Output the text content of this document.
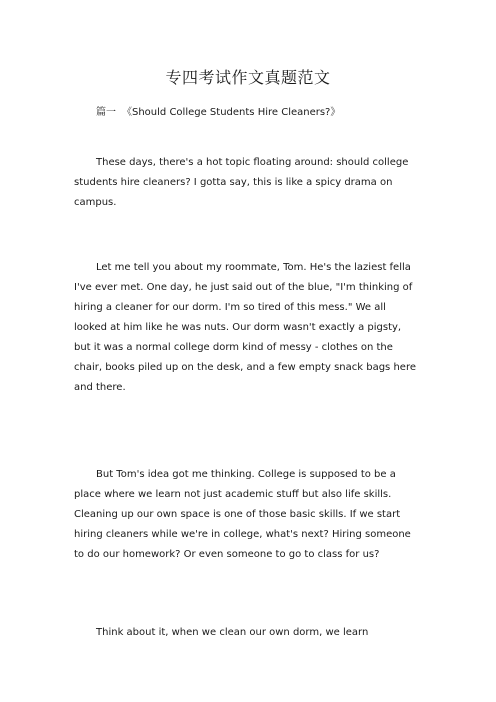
专四考试作文真题范文
篇一 《Should College Students Hire Cleaners?》
These days, there's a hot topic floating around: should college
students hire cleaners? I gotta say, this is like a spicy drama on
campus.
Let me tell you about my roommate, Tom. He's the laziest fella
I've ever met. One day, he just said out of the blue, "I'm thinking of
hiring a cleaner for our dorm. I'm so tired of this mess." We all
looked at him like he was nuts. Our dorm wasn't exactly a pigsty,
but it was a normal college dorm kind of messy - clothes on the
chair, books piled up on the desk, and a few empty snack bags here
and there.
But Tom's idea got me thinking. College is supposed to be a
place where we learn not just academic stuff but also life skills.
Cleaning up our own space is one of those basic skills. If we start
hiring cleaners while we're in college, what's next? Hiring someone
to do our homework? Or even someone to go to class for us?
Think about it, when we clean our own dorm, we learn
